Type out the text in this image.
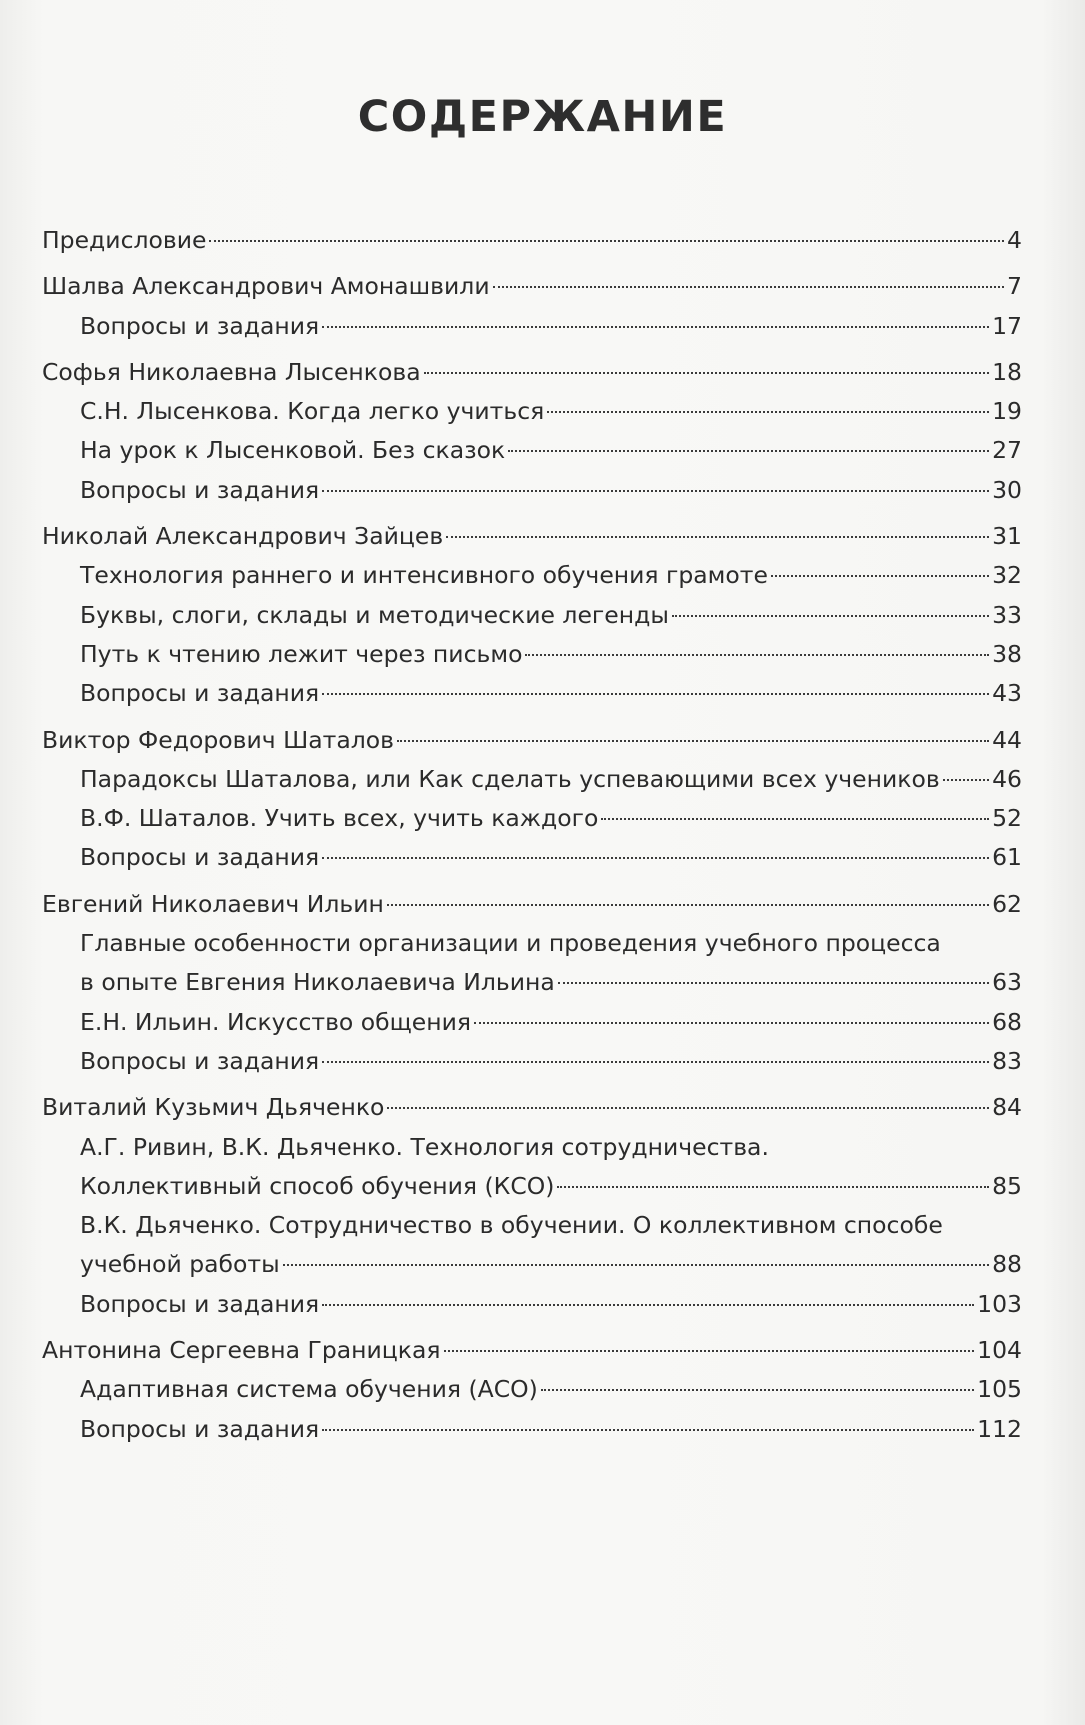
СОДЕРЖАНИЕ
Предисловие	4
Шалва Александрович Амонашвили	7
Вопросы и задания	17
Софья Николаевна Лысенкова	18
С.Н. Лысенкова. Когда легко учиться	19
На урок к Лысенковой. Без сказок	27
Вопросы и задания	30
Николай Александрович Зайцев	31
Технология раннего и интенсивного обучения грамоте	32
Буквы, слоги, склады и методические легенды	33
Путь к чтению лежит через письмо	38
Вопросы и задания	43
Виктор Федорович Шаталов	44
Парадоксы Шаталова, или Как сделать успевающими всех учеников 46
В.Ф. Шаталов. Учить всех, учить каждого	52
Вопросы и задания	61
Евгений Николаевич Ильин	62
Главные особенности организации и проведения учебного процесса
в опыте Евгения Николаевича Ильина	63
Е.Н. Ильин. Искусство общения	68
Вопросы и задания	83
Виталий Кузьмич Дьяченко	84
А.Г. Ривин, В.К. Дьяченко. Технология сотрудничества.
Коллективный способ обучения (КСО)	85
В.К. Дьяченко. Сотрудничество в обучении. О коллективном способе
учебной работы	88
Вопросы и задания	103
Антонина Сергеевна Границкая	104
Адаптивная система обучения (АСО)	105
Вопросы и задания	112
